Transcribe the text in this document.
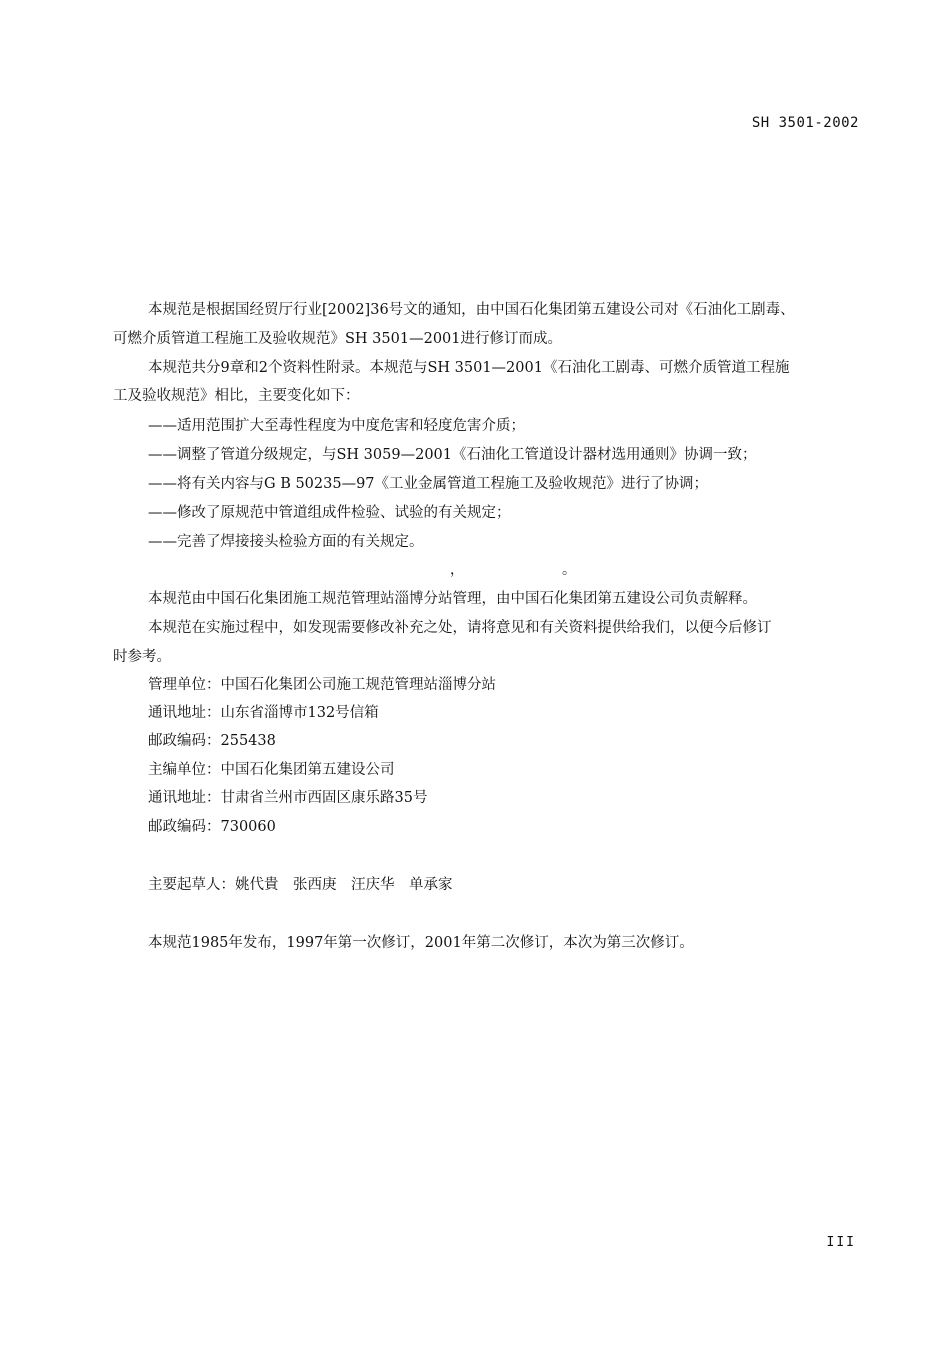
SH 3501-2002
本规范是根据国经贸厅行业[2002]36号文的通知，由中国石化集团第五建设公司对《石油化工剧毒、
可燃介质管道工程施工及验收规范》SH 3501—2001进行修订而成。
本规范共分9章和2个资料性附录。本规范与SH 3501—2001《石油化工剧毒、可燃介质管道工程施
工及验收规范》相比，主要变化如下：
——适用范围扩大至毒性程度为中度危害和轻度危害介质；
——调整了管道分级规定，与SH 3059—2001《石油化工管道设计器材选用通则》协调一致；
——将有关内容与G B 50235—97《工业金属管道工程施工及验收规范》进行了协调；
——修改了原规范中管道组成件检验、试验的有关规定；
——完善了焊接接头检验方面的有关规定。
，	。
本规范由中国石化集团施工规范管理站淄博分站管理，由中国石化集团第五建设公司负责解释。
本规范在实施过程中，如发现需要修改补充之处，请将意见和有关资料提供给我们，以便今后修订
时参考。
管理单位：中国石化集团公司施工规范管理站淄博分站
通讯地址：山东省淄博市132号信箱
邮政编码：255438
主编单位：中国石化集团第五建设公司
通讯地址：甘肃省兰州市西固区康乐路35号
邮政编码：730060
主要起草人：姚代貴　张西庚　汪庆华　单承家
本规范1985年发布，1997年第一次修订，2001年第二次修订，本次为第三次修订。
III
